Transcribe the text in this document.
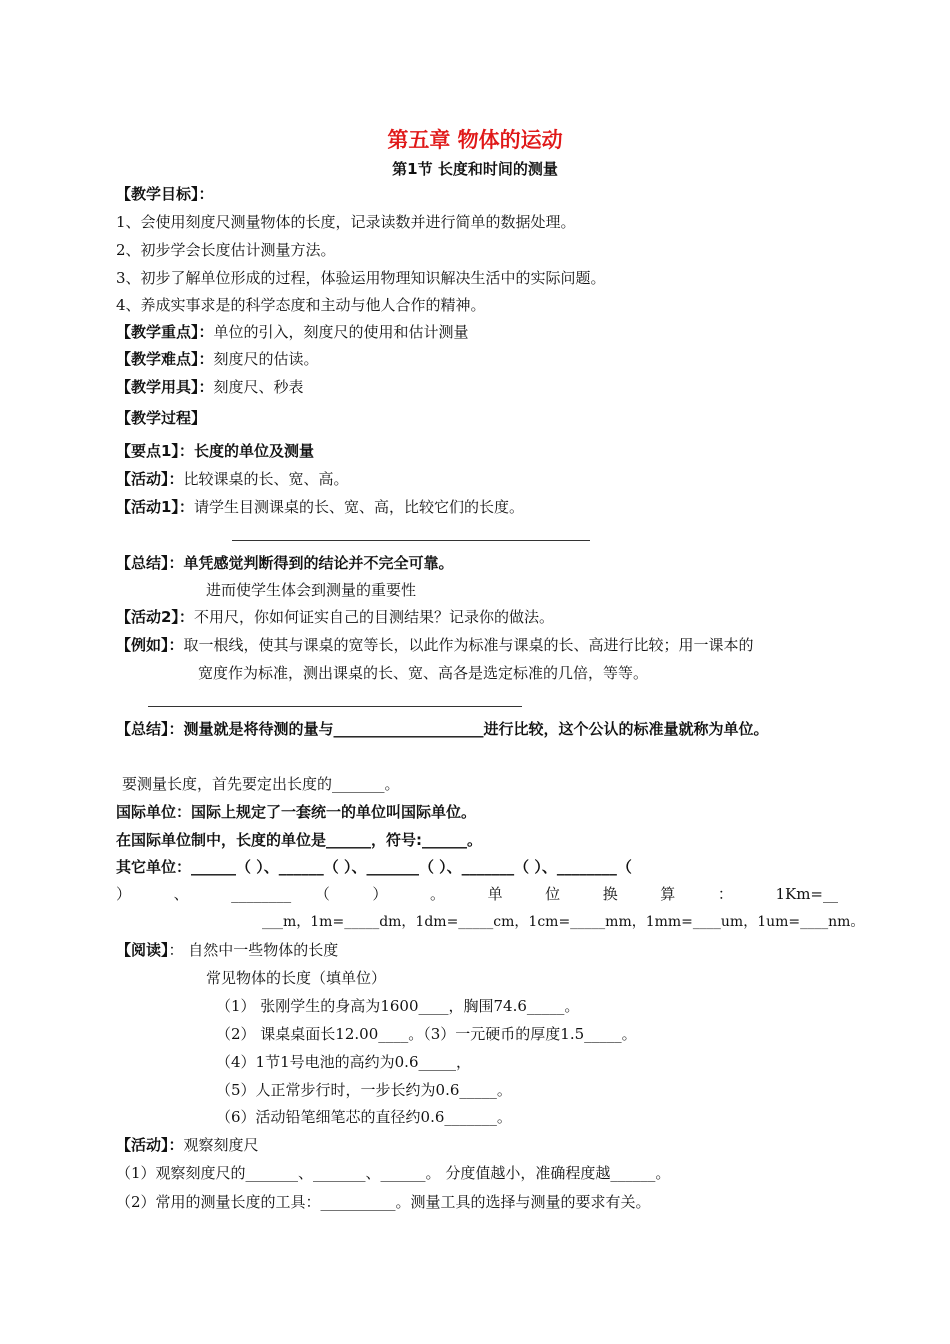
第五章 物体的运动
第1节 长度和时间的测量
【教学目标】：
1、会使用刻度尺测量物体的长度，记录读数并进行简单的数据处理。
2、初步学会长度估计测量方法。
3、初步了解单位形成的过程，体验运用物理知识解决生活中的实际问题。
4、养成实事求是的科学态度和主动与他人合作的精神。
【教学重点】：单位的引入，刻度尺的使用和估计测量
【教学难点】：刻度尺的估读。
【教学用具】：刻度尺、秒表
【教学过程】
【要点1】：长度的单位及测量
【活动】：比较课桌的长、宽、高。
【活动1】：请学生目测课桌的长、宽、高，比较它们的长度。
【总结】：单凭感觉判断得到的结论并不完全可靠。
进而使学生体会到测量的重要性
【活动2】：不用尺，你如何证实自己的目测结果？记录你的做法。
【例如】：取一根线，使其与课桌的宽等长，以此作为标准与课桌的长、高进行比较；用一课本的
宽度作为标准，测出课桌的长、宽、高各是选定标准的几倍，等等。
【总结】：测量就是将待测的量与____________________进行比较，这个公认的标准量就称为单位。
要测量长度，首先要定出长度的_______。
国际单位：国际上规定了一套统一的单位叫国际单位。
在国际单位制中，长度的单位是______，符号:______。
其它单位：______（ ）、______（ ）、_______（ ）、_______（ ）、________（
） 、 ________ （ ） 。 单 位 换 算 ： 1Km=__
___m，1m=_____dm，1dm=_____cm，1cm=_____mm，1mm=____um，1um=____nm。
【阅读】： 自然中一些物体的长度
常见物体的长度（填单位）
（1） 张刚学生的身高为1600____，胸围74.6_____。
（2） 课桌桌面长12.00____。（3）一元硬币的厚度1.5_____。
（4）1节1号电池的高约为0.6_____，
（5）人正常步行时，一步长约为0.6_____。
（6）活动铅笔细笔芯的直径约0.6_______。
【活动】：观察刻度尺
（1）观察刻度尺的_______、_______、______。 分度值越小，准确程度越______。
（2）常用的测量长度的工具：__________。测量工具的选择与测量的要求有关。
